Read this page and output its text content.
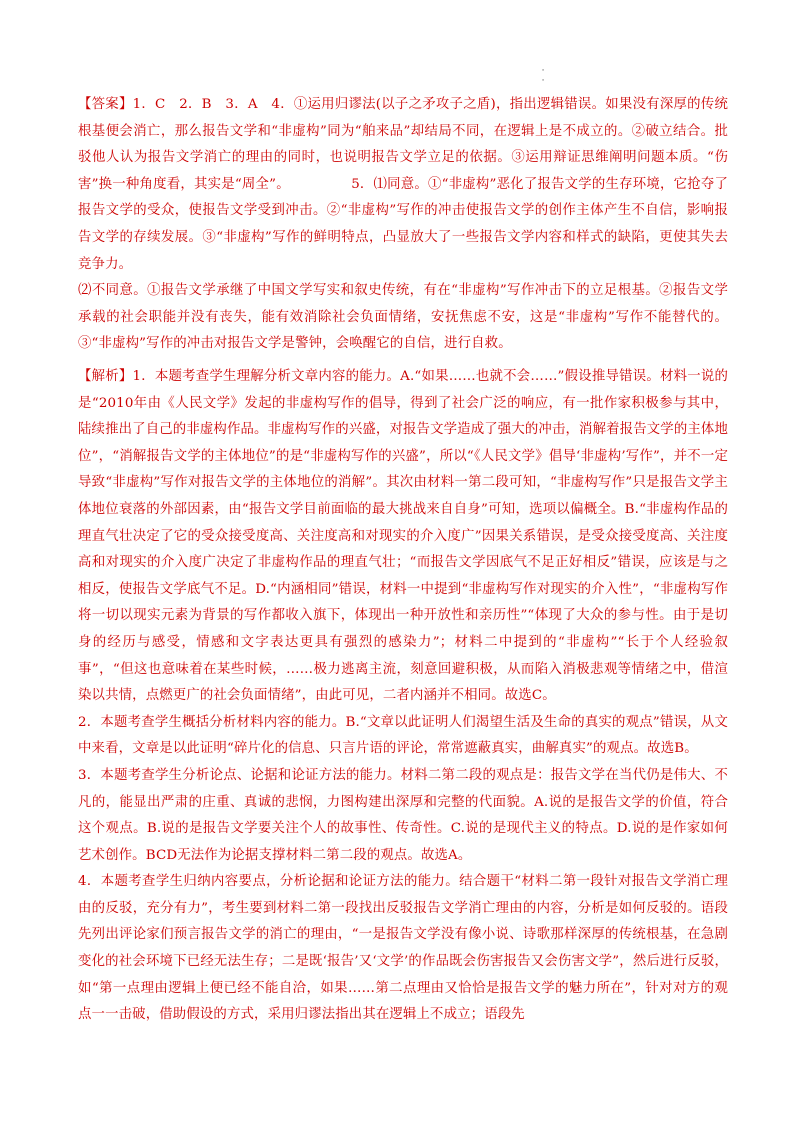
·
·

【答案】1．C　2．B　3．A　4．①运用归谬法(以子之矛攻子之盾)，指出逻辑错误。如果没有深厚的传统根基便会消亡，那么报告文学和“非虚构”同为“舶来品”却结局不同，在逻辑上是不成立的。②破立结合。批驳他人认为报告文学消亡的理由的同时，也说明报告文学立足的依据。③运用辩证思维阐明问题本质。“伤害”换一种角度看，其实是“周全”。　　　　　5．⑴同意。①“非虚构”恶化了报告文学的生存环境，它抢夺了报告文学的受众，使报告文学受到冲击。②“非虚构”写作的冲击使报告文学的创作主体产生不自信，影响报告文学的存续发展。③“非虚构”写作的鲜明特点，凸显放大了一些报告文学内容和样式的缺陷，更使其失去竞争力。

⑵不同意。①报告文学承继了中国文学写实和叙史传统，有在“非虚构”写作冲击下的立足根基。②报告文学承载的社会职能并没有丧失，能有效消除社会负面情绪，安抚焦虑不安，这是“非虚构”写作不能替代的。③“非虚构”写作的冲击对报告文学是警钟，会唤醒它的自信，进行自救。

【解析】1．本题考查学生理解分析文章内容的能力。A.“如果……也就不会……”假设推导错误。材料一说的是“2010年由《人民文学》发起的非虚构写作的倡导，得到了社会广泛的响应，有一批作家积极参与其中，陆续推出了自己的非虚构作品。非虚构写作的兴盛，对报告文学造成了强大的冲击，消解着报告文学的主体地位”，“消解报告文学的主体地位”的是“非虚构写作的兴盛”，所以“《人民文学》倡导‘非虚构’写作”，并不一定导致“非虚构”写作对报告文学的主体地位的消解”。其次由材料一第二段可知，“非虚构写作”只是报告文学主体地位衰落的外部因素，由“报告文学目前面临的最大挑战来自自身”可知，选项以偏概全。B.“非虚构作品的理直气壮决定了它的受众接受度高、关注度高和对现实的介入度广”因果关系错误，是受众接受度高、关注度高和对现实的介入度广决定了非虚构作品的理直气壮；“而报告文学因底气不足正好相反”错误，应该是与之相反，使报告文学底气不足。D.“内涵相同”错误，材料一中提到“非虚构写作对现实的介入性”，“非虚构写作将一切以现实元素为背景的写作都收入旗下，体现出一种开放性和亲历性”“体现了大众的参与性。由于是切身的经历与感受，情感和文字表达更具有强烈的感染力”；材料二中提到的“非虚构”“长于个人经验叙事”，“但这也意味着在某些时候，……极力逃离主流，刻意回避积极，从而陷入消极悲观等情绪之中，借渲染以共情，点燃更广的社会负面情绪”，由此可见，二者内涵并不相同。故选C。

2．本题考查学生概括分析材料内容的能力。B.“文章以此证明人们渴望生活及生命的真实的观点”错误，从文中来看，文章是以此证明“碎片化的信息、只言片语的评论，常常遮蔽真实，曲解真实”的观点。故选B。

3．本题考查学生分析论点、论据和论证方法的能力。材料二第二段的观点是：报告文学在当代仍是伟大、不凡的，能显出严肃的庄重、真诚的悲悯，力图构建出深厚和完整的代面貌。A.说的是报告文学的价值，符合这个观点。B.说的是报告文学要关注个人的故事性、传奇性。C.说的是现代主义的特点。D.说的是作家如何艺术创作。BCD无法作为论据支撑材料二第二段的观点。故选A。

4．本题考查学生归纳内容要点，分析论据和论证方法的能力。结合题干“材料二第一段针对报告文学消亡理由的反驳，充分有力”，考生要到材料二第一段找出反驳报告文学消亡理由的内容，分析是如何反驳的。语段先列出评论家们预言报告文学的消亡的理由，“一是报告文学没有像小说、诗歌那样深厚的传统根基，在急剧变化的社会环境下已经无法生存；二是既‘报告’又‘文学’的作品既会伤害报告又会伤害文学”，然后进行反驳，如“第一点理由逻辑上便已经不能自洽，如果……第二点理由又恰恰是报告文学的魅力所在”，针对对方的观点一一击破，借助假设的方式，采用归谬法指出其在逻辑上不成立；语段先
